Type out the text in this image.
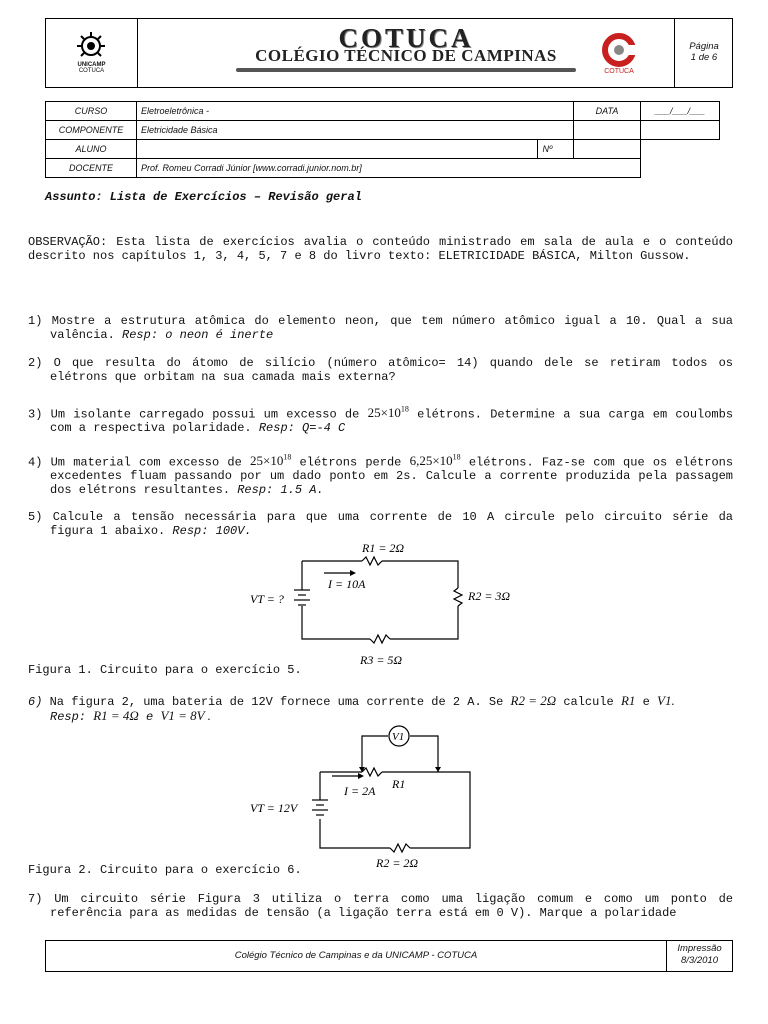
UNICAMP
COTUCA
COTUCA
COLÉGIO TÉCNICO DE CAMPINAS
COTUCA
Página
1 de 6
CURSO	Eletroeletrônica -		DATA	___/___/___
COMPONENTE	Eletricidade Básica			
ALUNO		Nº		
DOCENTE	Prof. Romeu Corradi Júnior [www.corradi.junior.nom.br]			
Assunto: Lista de Exercícios – Revisão geral
OBSERVAÇÃO: Esta lista de exercícios avalia o conteúdo ministrado em sala de aula e o conteúdo descrito nos capítulos 1, 3, 4, 5, 7 e 8 do livro texto: ELETRICIDADE BÁSICA, Milton Gussow.
1) Mostre a estrutura atômica do elemento neon, que tem número atômico igual a 10. Qual a sua valência. Resp: o neon é inerte
2) O que resulta do átomo de silício (número atômico= 14) quando dele se retiram todos os elétrons que orbitam na sua camada mais externa?
3) Um isolante carregado possui um excesso de $25\times 10^{18}$ elétrons. Determine a sua carga em coulombs com a respectiva polaridade. Resp: Q=-4 C
4) Um material com excesso de $25\times 10^{18}$ elétrons perde $6,25\times 10^{18}$ elétrons. Faz-se com que os elétrons excedentes fluam passando por um dado ponto em 2s. Calcule a corrente produzida pela passagem dos elétrons resultantes. Resp: 1.5 A.
5) Calcule a tensão necessária para que uma corrente de 10 A circule pelo circuito série da figura 1 abaixo. Resp: 100V.
R1 = 2Ω
R2 = 3Ω
R3 = 5Ω
I = 10A
VT = ?
Figura 1. Circuito para o exercício 5.
6) Na figura 2, uma bateria de 12V fornece uma corrente de 2 A. Se R2 = 2Ω calcule R1 e V1.
Resp: R1 = 4Ω e V1 = 8V .
V1
R1
R2 = 2Ω
I = 2A
VT = 12V
Figura 2. Circuito para o exercício 6.
7) Um circuito série Figura 3 utiliza o terra como uma ligação comum e como um ponto de referência para as medidas de tensão (a ligação terra está em 0 V). Marque a polaridade
Colégio Técnico de Campinas e da UNICAMP - COTUCA
Impressão
8/3/2010
